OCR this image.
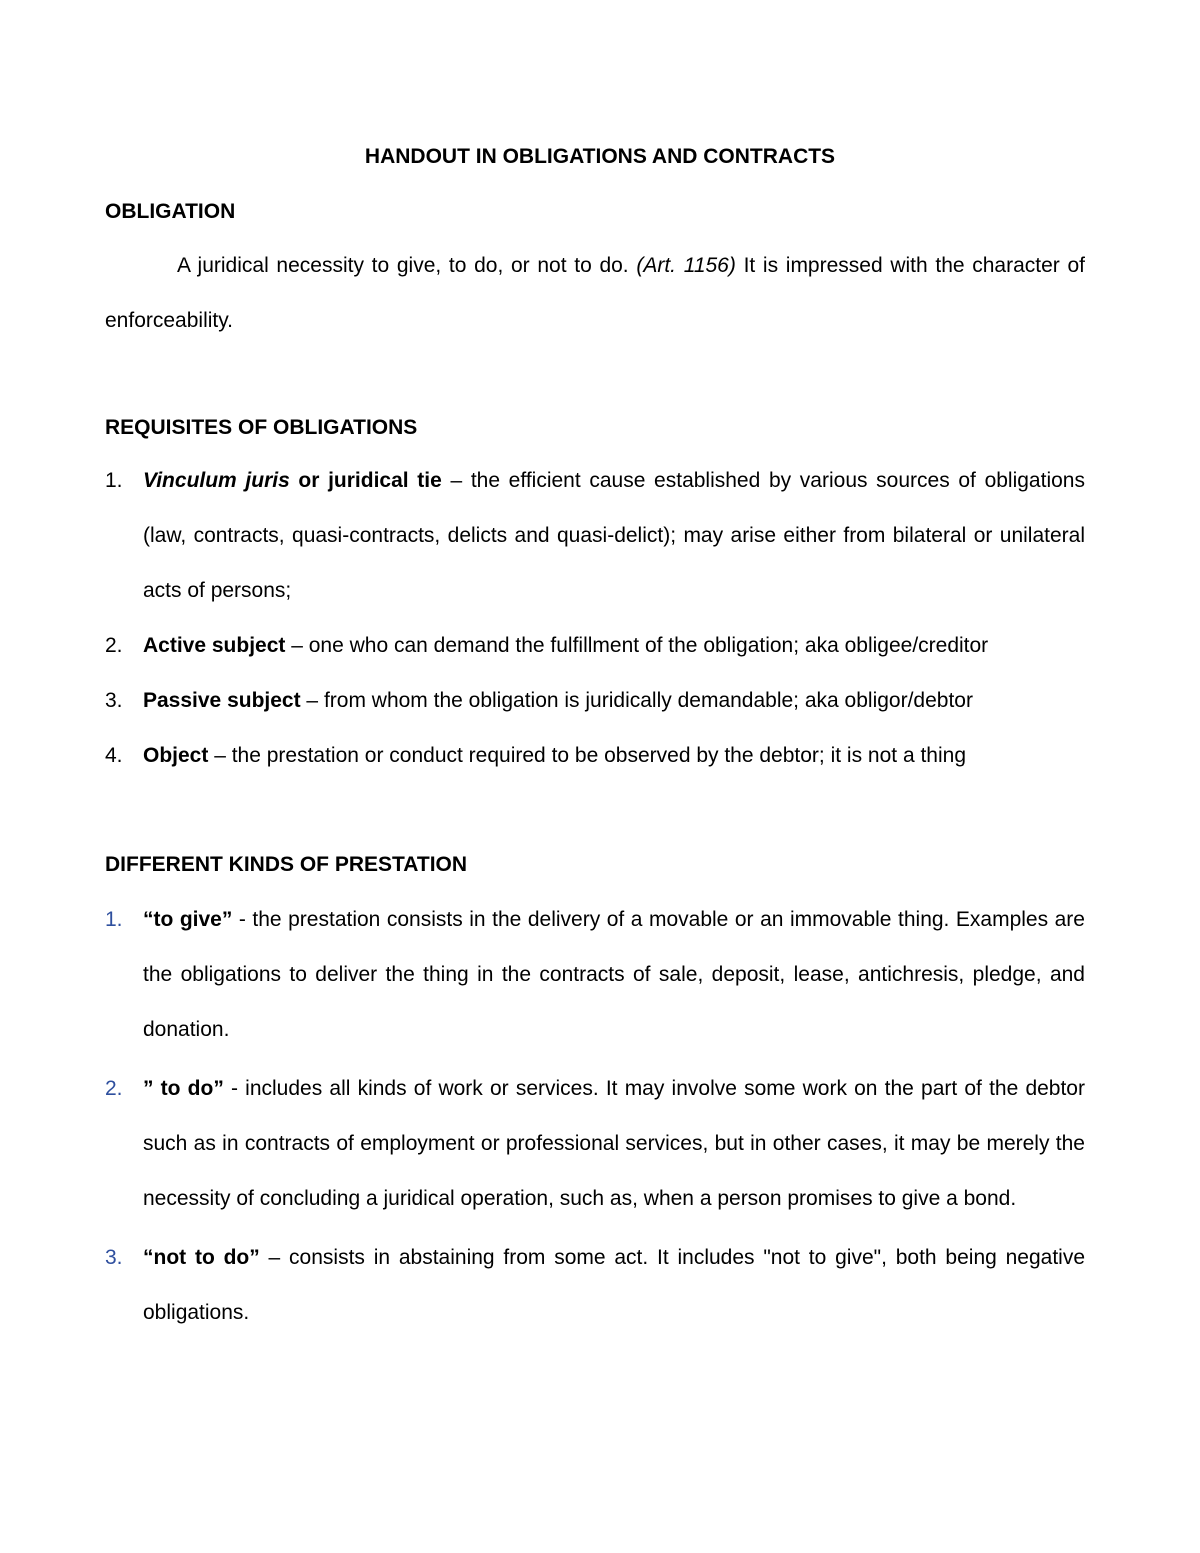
HANDOUT IN OBLIGATIONS AND CONTRACTS
OBLIGATION
A juridical necessity to give, to do, or not to do. (Art. 1156) It is impressed with the character of enforceability.
REQUISITES OF OBLIGATIONS
1. Vinculum juris or juridical tie – the efficient cause established by various sources of obligations (law, contracts, quasi-contracts, delicts and quasi-delict); may arise either from bilateral or unilateral acts of persons;
2. Active subject – one who can demand the fulfillment of the obligation; aka obligee/creditor
3. Passive subject – from whom the obligation is juridically demandable; aka obligor/debtor
4. Object – the prestation or conduct required to be observed by the debtor; it is not a thing
DIFFERENT KINDS OF PRESTATION
1. “to give” - the prestation consists in the delivery of a movable or an immovable thing. Examples are the obligations to deliver the thing in the contracts of sale, deposit, lease, antichresis, pledge, and donation.
2. ” to do” - includes all kinds of work or services. It may involve some work on the part of the debtor such as in contracts of employment or professional services, but in other cases, it may be merely the necessity of concluding a juridical operation, such as, when a person promises to give a bond.
3. “not to do” – consists in abstaining from some act. It includes "not to give", both being negative obligations.
